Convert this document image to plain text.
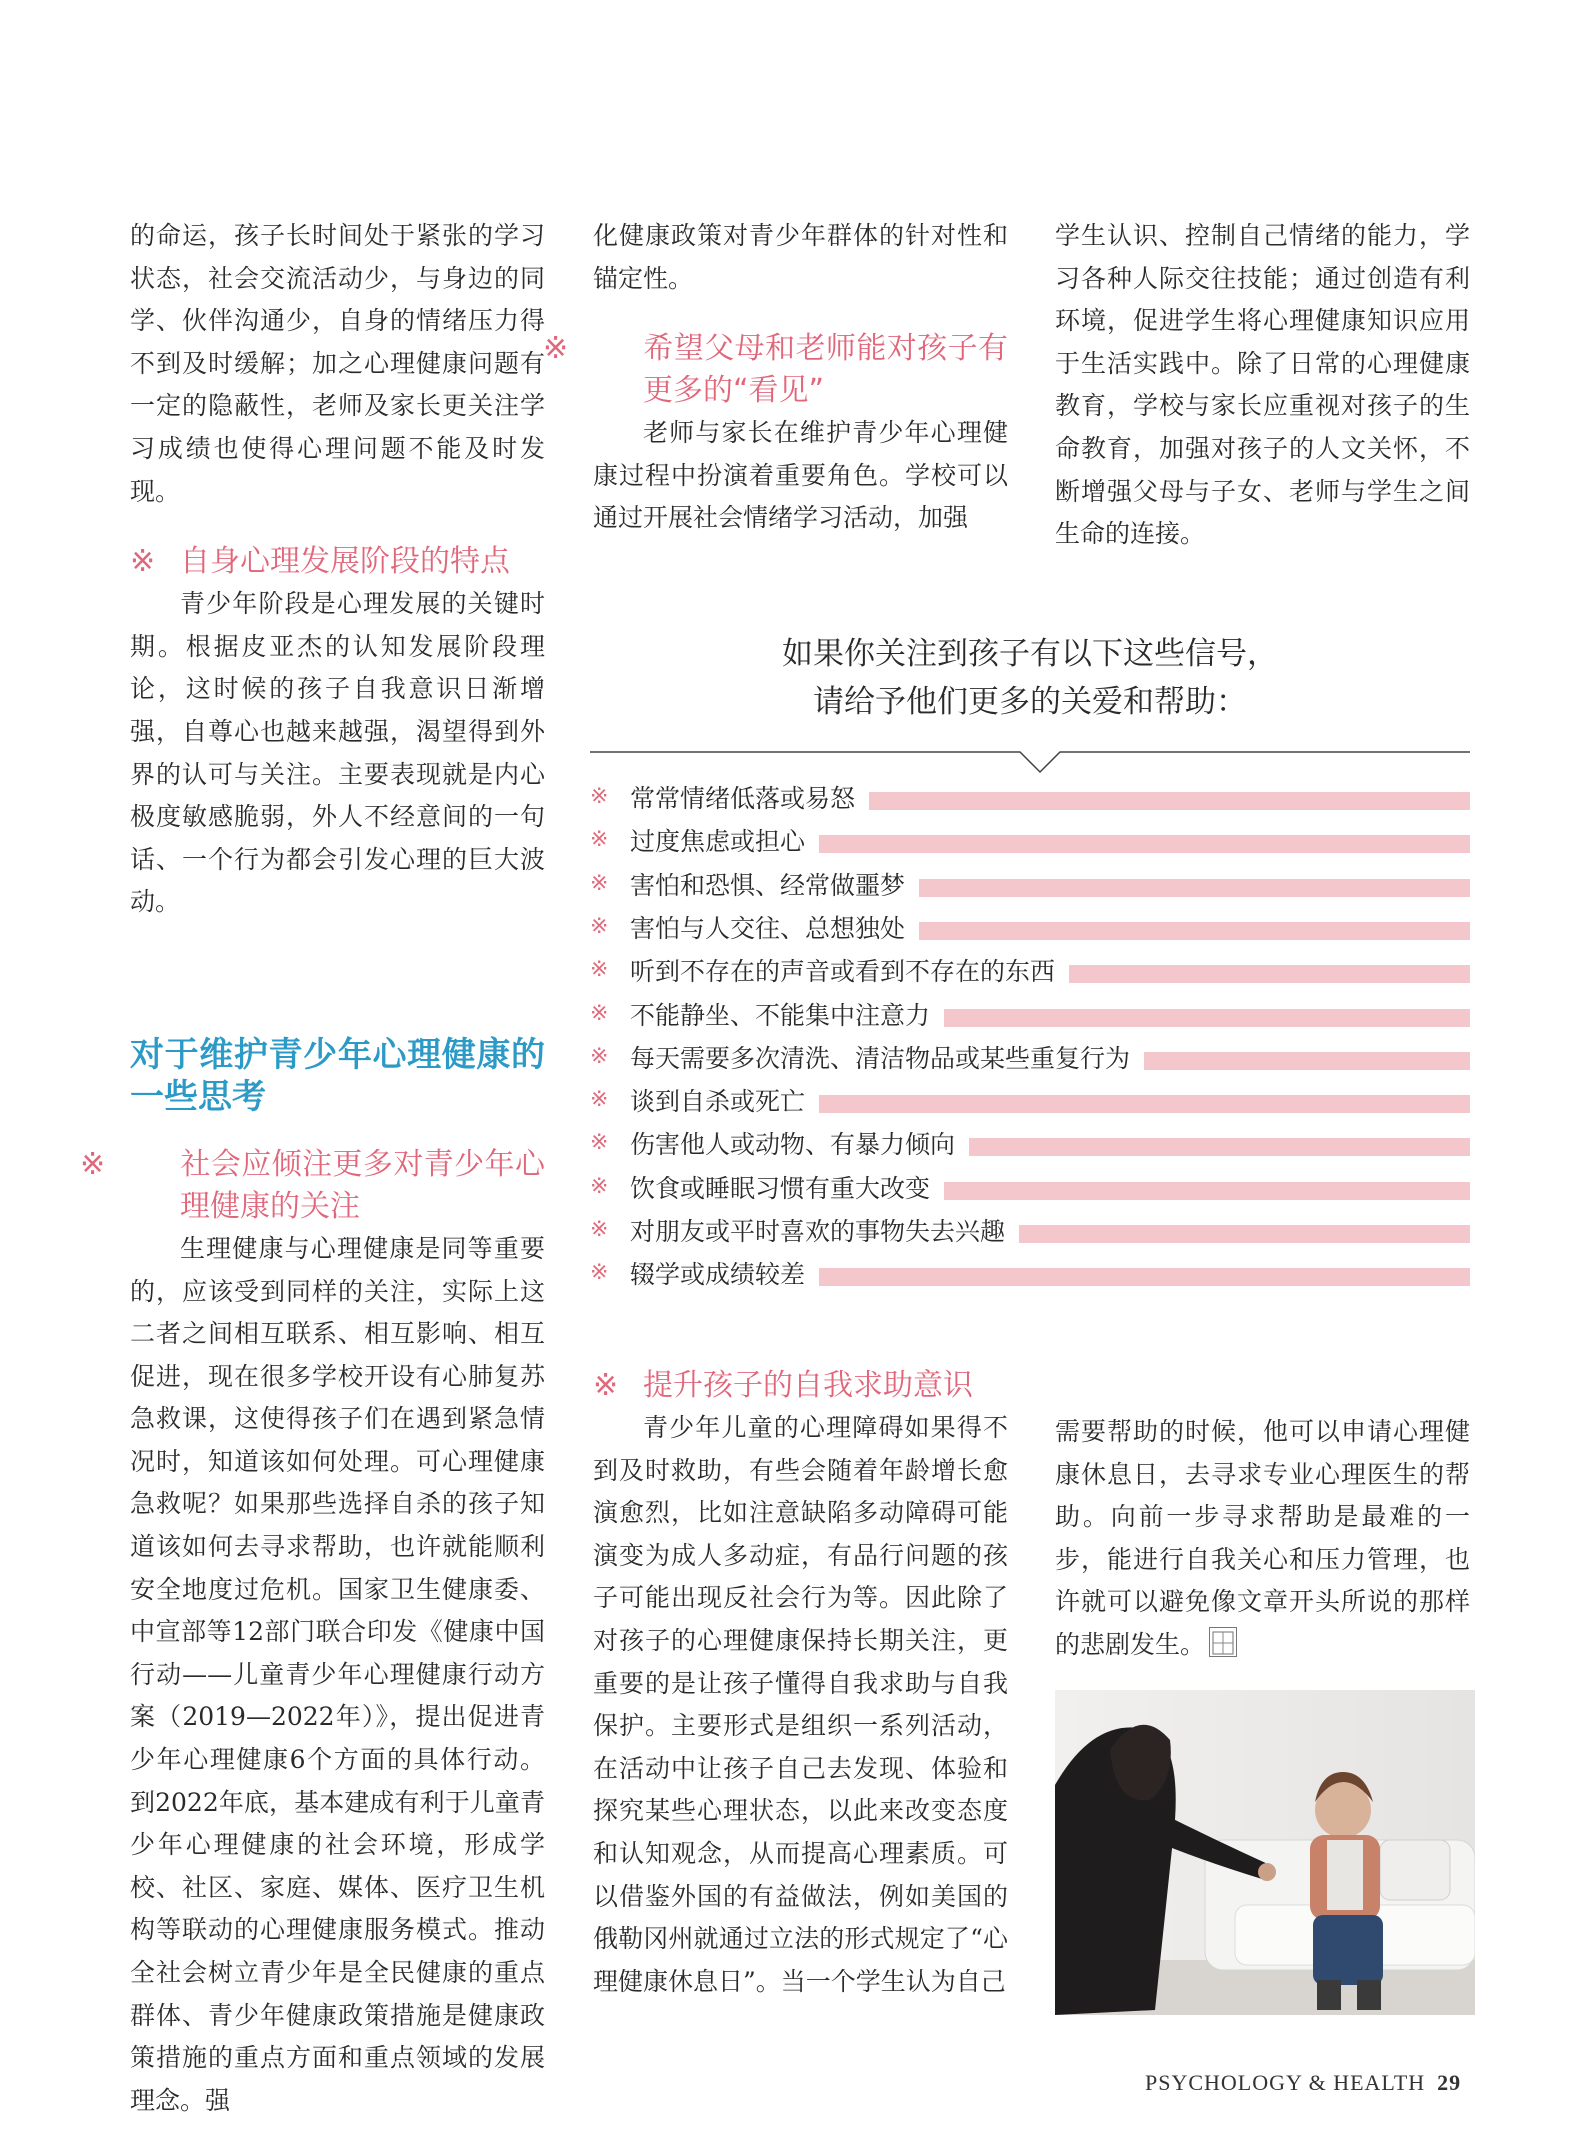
的命运，孩子长时间处于紧张的学习状态，社会交流活动少，与身边的同学、伙伴沟通少，自身的情绪压力得不到及时缓解；加之心理健康问题有一定的隐蔽性，老师及家长更关注学习成绩也使得心理问题不能及时发现。

※ 自身心理发展阶段的特点

青少年阶段是心理发展的关键时期。根据皮亚杰的认知发展阶段理论，这时候的孩子自我意识日渐增强，自尊心也越来越强，渴望得到外界的认可与关注。主要表现就是内心极度敏感脆弱，外人不经意间的一句话、一个行为都会引发心理的巨大波动。

对于维护青少年心理健康的一些思考

※ 社会应倾注更多对青少年心理健康的关注

生理健康与心理健康是同等重要的，应该受到同样的关注，实际上这二者之间相互联系、相互影响、相互促进，现在很多学校开设有心肺复苏急救课，这使得孩子们在遇到紧急情况时，知道该如何处理。可心理健康急救呢？如果那些选择自杀的孩子知道该如何去寻求帮助，也许就能顺利安全地度过危机。国家卫生健康委、中宣部等12部门联合印发《健康中国行动——儿童青少年心理健康行动方案（2019—2022年）》，提出促进青少年心理健康6个方面的具体行动。到2022年底，基本建成有利于儿童青少年心理健康的社会环境，形成学校、社区、家庭、媒体、医疗卫生机构等联动的心理健康服务模式。推动全社会树立青少年是全民健康的重点群体、青少年健康政策措施是健康政策措施的重点方面和重点领域的发展理念。强

化健康政策对青少年群体的针对性和锚定性。

※ 希望父母和老师能对孩子有更多的“看见”

老师与家长在维护青少年心理健康过程中扮演着重要角色。学校可以通过开展社会情绪学习活动，加强

学生认识、控制自己情绪的能力，学习各种人际交往技能；通过创造有利环境，促进学生将心理健康知识应用于生活实践中。除了日常的心理健康教育，学校与家长应重视对孩子的生命教育，加强对孩子的人文关怀，不断增强父母与子女、老师与学生之间生命的连接。

如果你关注到孩子有以下这些信号，
请给予他们更多的关爱和帮助：
※ 常常情绪低落或易怒
※ 过度焦虑或担心
※ 害怕和恐惧、经常做噩梦
※ 害怕与人交往、总想独处
※ 听到不存在的声音或看到不存在的东西
※ 不能静坐、不能集中注意力
※ 每天需要多次清洗、清洁物品或某些重复行为
※ 谈到自杀或死亡
※ 伤害他人或动物、有暴力倾向
※ 饮食或睡眠习惯有重大改变
※ 对朋友或平时喜欢的事物失去兴趣
※ 辍学或成绩较差

※ 提升孩子的自我求助意识

青少年儿童的心理障碍如果得不到及时救助，有些会随着年龄增长愈演愈烈，比如注意缺陷多动障碍可能演变为成人多动症，有品行问题的孩子可能出现反社会行为等。因此除了对孩子的心理健康保持长期关注，更重要的是让孩子懂得自我求助与自我保护。主要形式是组织一系列活动，在活动中让孩子自己去发现、体验和探究某些心理状态，以此来改变态度和认知观念，从而提高心理素质。可以借鉴外国的有益做法，例如美国的俄勒冈州就通过立法的形式规定了“心理健康休息日”。当一个学生认为自己

需要帮助的时候，他可以申请心理健康休息日，去寻求专业心理医生的帮助。向前一步寻求帮助是最难的一步，能进行自我关心和压力管理，也许就可以避免像文章开头所说的那样的悲剧发生。

PSYCHOLOGY & HEALTH 29
